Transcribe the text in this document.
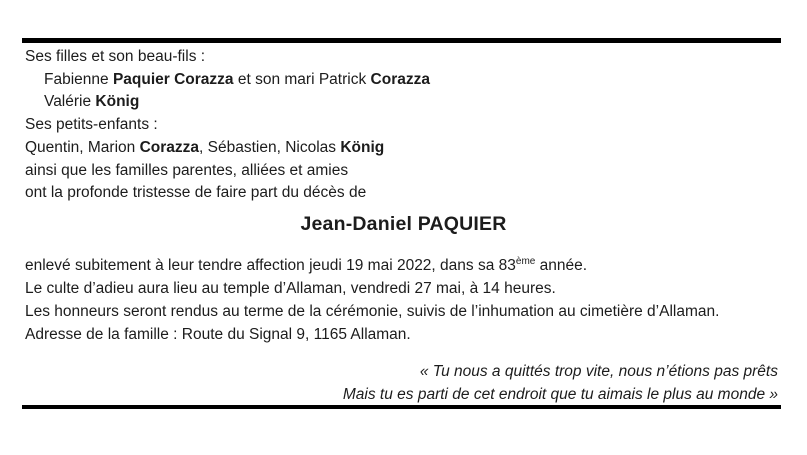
Ses filles et son beau-fils :
Fabienne Paquier Corazza et son mari Patrick Corazza
Valérie König
Ses petits-enfants :
Quentin, Marion Corazza, Sébastien, Nicolas König
ainsi que les familles parentes, alliées et amies
ont la profonde tristesse de faire part du décès de
Jean-Daniel PAQUIER
enlevé subitement à leur tendre affection jeudi 19 mai 2022, dans sa 83ème année.
Le culte d’adieu aura lieu au temple d’Allaman, vendredi 27 mai, à 14 heures.
Les honneurs seront rendus au terme de la cérémonie, suivis de l’inhumation au cimetière d’Allaman.
Adresse de la famille : Route du Signal 9, 1165 Allaman.
« Tu nous a quittés trop vite, nous n’étions pas prêts
Mais tu es parti de cet endroit que tu aimais le plus au monde »
